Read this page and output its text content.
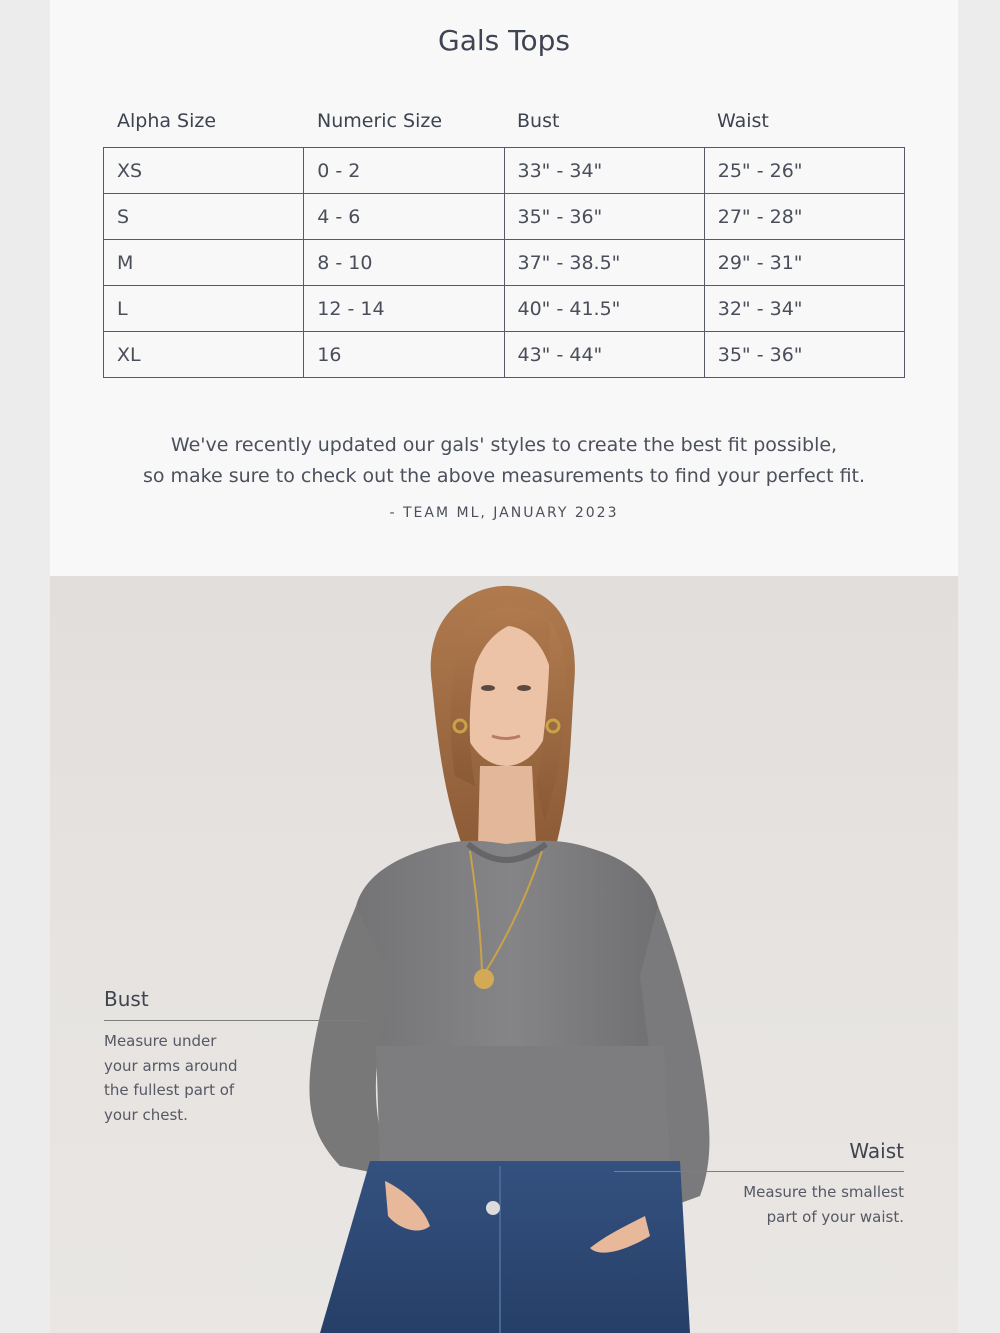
Gals Tops
Alpha Size	Numeric Size	Bust	Waist
XS	0 - 2	33" - 34"	25" - 26"
S	4 - 6	35" - 36"	27" - 28"
M	8 - 10	37" - 38.5"	29" - 31"
L	12 - 14	40" - 41.5"	32" - 34"
XL	16	43" - 44"	35" - 36"
We've recently updated our gals' styles to create the best fit possible,
so make sure to check out the above measurements to find your perfect fit.
- TEAM ML, JANUARY 2023
Bust
Measure under
your arms around
the fullest part of
your chest.
Waist
Measure the smallest
part of your waist.
